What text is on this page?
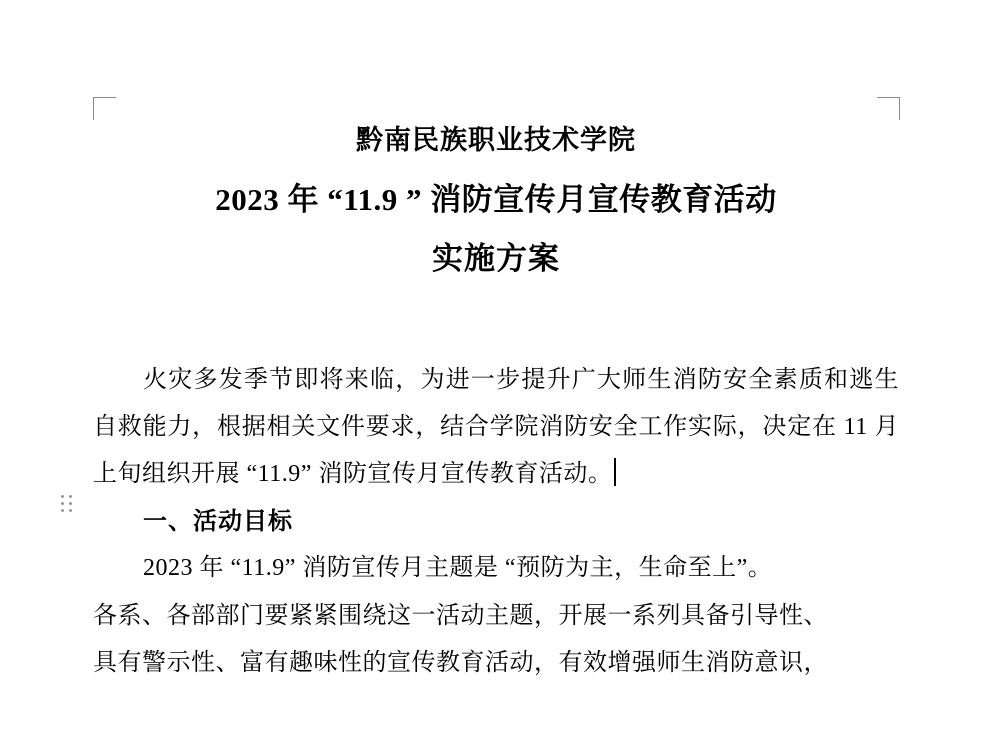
黔南民族职业技术学院
2023 年 “11.9 ” 消防宣传月宣传教育活动
实施方案

火灾多发季节即将来临，为进一步提升广大师生消防安全素质和逃生自救能力，根据相关文件要求，结合学院消防安全工作实际，决定在 11 月上旬组织开展 “11.9” 消防宣传月宣传教育活动。

一、活动目标

2023 年 “11.9” 消防宣传月主题是 “预防为主，生命至上”。

各系、各部部门要紧紧围绕这一活动主题，开展一系列具备引导性、

具有警示性、富有趣味性的宣传教育活动，有效增强师生消防意识，
